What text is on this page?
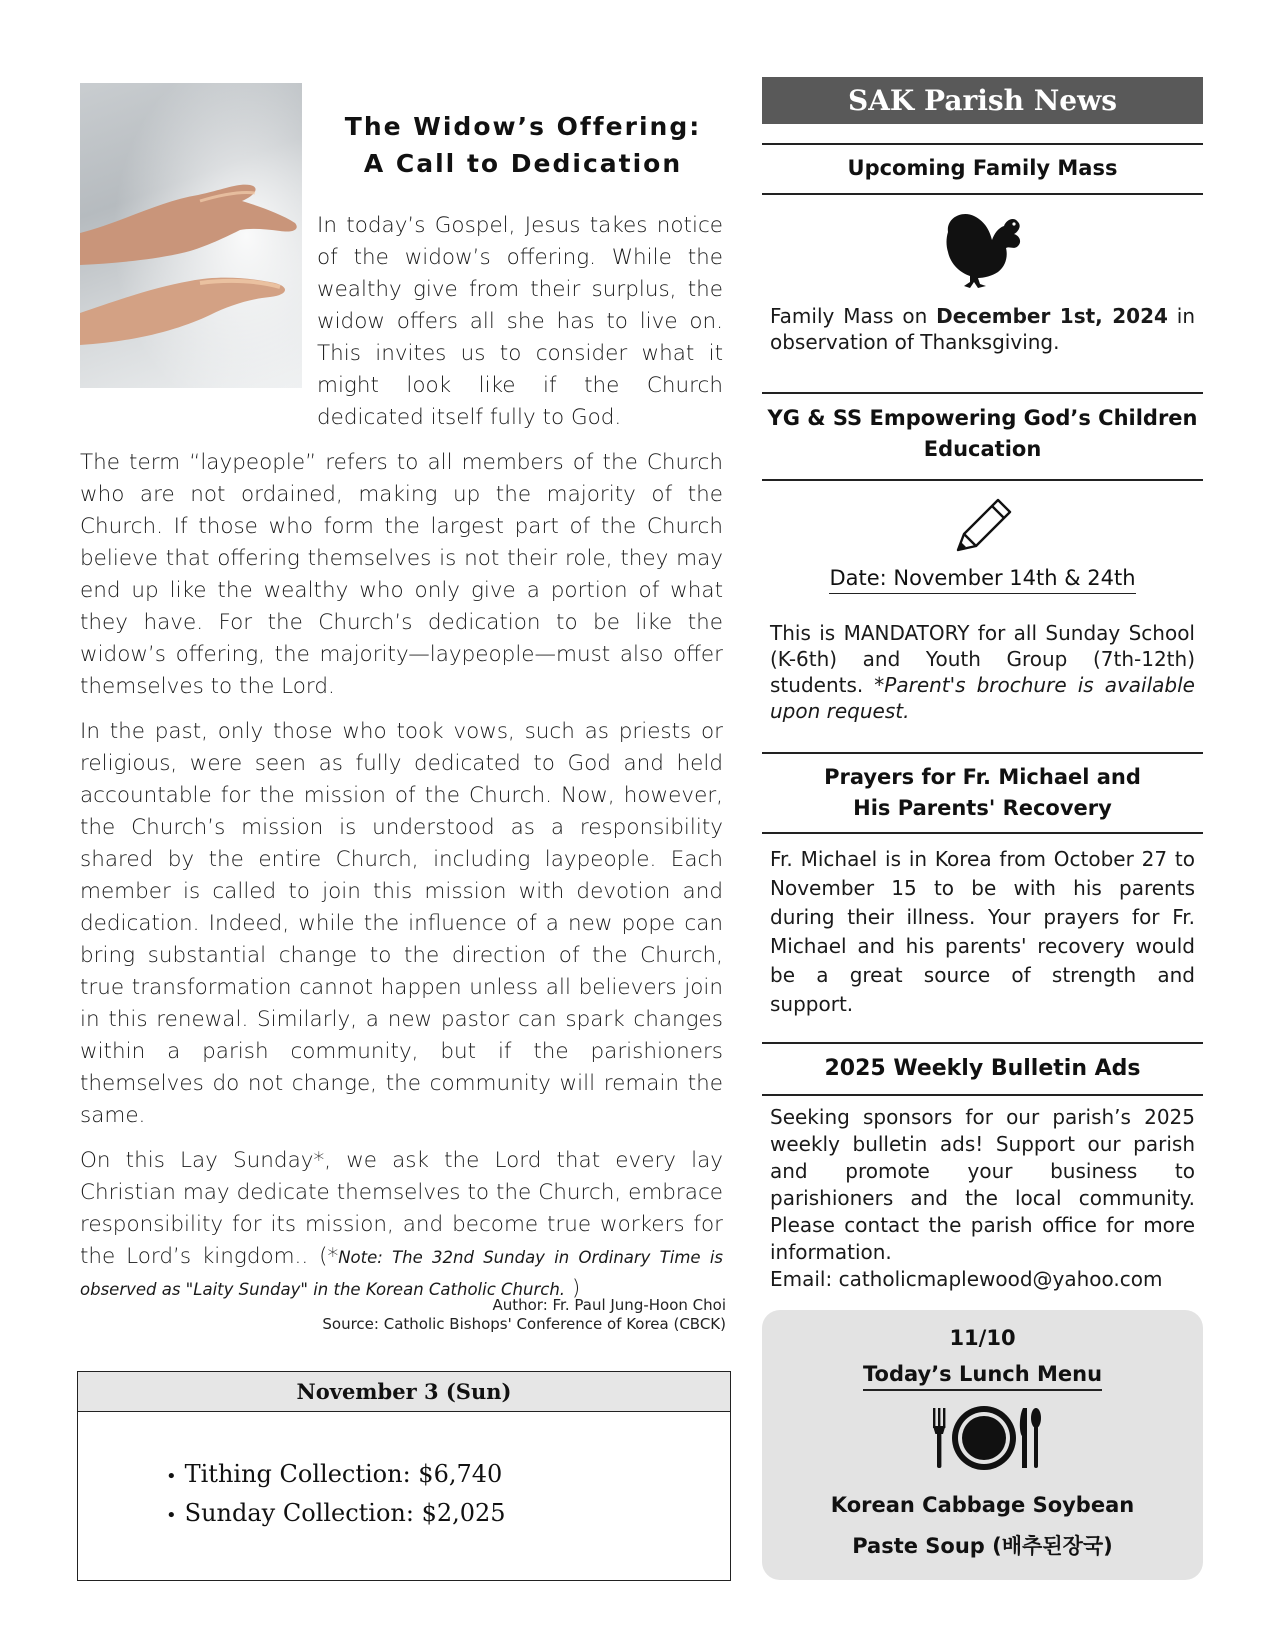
The Widow’s Offering:
A Call to Dedication

In today’s Gospel, Jesus takes notice of the widow’s offering. While the wealthy give from their surplus, the widow offers all she has to live on. This invites us to consider what it might look like if the Church dedicated itself fully to God.

The term “laypeople” refers to all members of the Church who are not ordained, making up the majority of the Church. If those who form the largest part of the Church believe that offering themselves is not their role, they may end up like the wealthy who only give a portion of what they have. For the Church’s dedication to be like the widow’s offering, the majority—laypeople—must also offer themselves to the Lord.

In the past, only those who took vows, such as priests or religious, were seen as fully dedicated to God and held accountable for the mission of the Church. Now, however, the Church’s mission is understood as a responsibility shared by the entire Church, including laypeople. Each member is called to join this mission with devotion and dedication. Indeed, while the influence of a new pope can bring substantial change to the direction of the Church, true transformation cannot happen unless all believers join in this renewal. Similarly, a new pastor can spark changes within a parish community, but if the parishioners themselves do not change, the community will remain the same.

On this Lay Sunday*, we ask the Lord that every lay Christian may dedicate themselves to the Church, embrace responsibility for its mission, and become true workers for the Lord’s kingdom.. (*Note: The 32nd Sunday in Ordinary Time is observed as "Laity Sunday" in the Korean Catholic Church. )

Author: Fr. Paul Jung-Hoon Choi
Source: Catholic Bishops' Conference of Korea (CBCK)
November 3 (Sun)
• Tithing Collection: $6,740
• Sunday Collection: $2,025
SAK Parish News
Upcoming Family Mass
Family Mass on December 1st, 2024 in observation of Thanksgiving.
YG & SS Empowering God’s Children
Education
Date: November 14th & 24th
This is MANDATORY for all Sunday School (K-6th) and Youth Group (7th-12th) students. *Parent's brochure is available upon request.
Prayers for Fr. Michael and
His Parents' Recovery
Fr. Michael is in Korea from October 27 to November 15 to be with his parents during their illness. Your prayers for Fr. Michael and his parents' recovery would be a great source of strength and support.
2025 Weekly Bulletin Ads
Seeking sponsors for our parish’s 2025 weekly bulletin ads! Support our parish and promote your business to parishioners and the local community. Please contact the parish office for more information.
Email: catholicmaplewood@yahoo.com
11/10
Today’s Lunch Menu
Korean Cabbage Soybean
Paste Soup (배추된장국)
